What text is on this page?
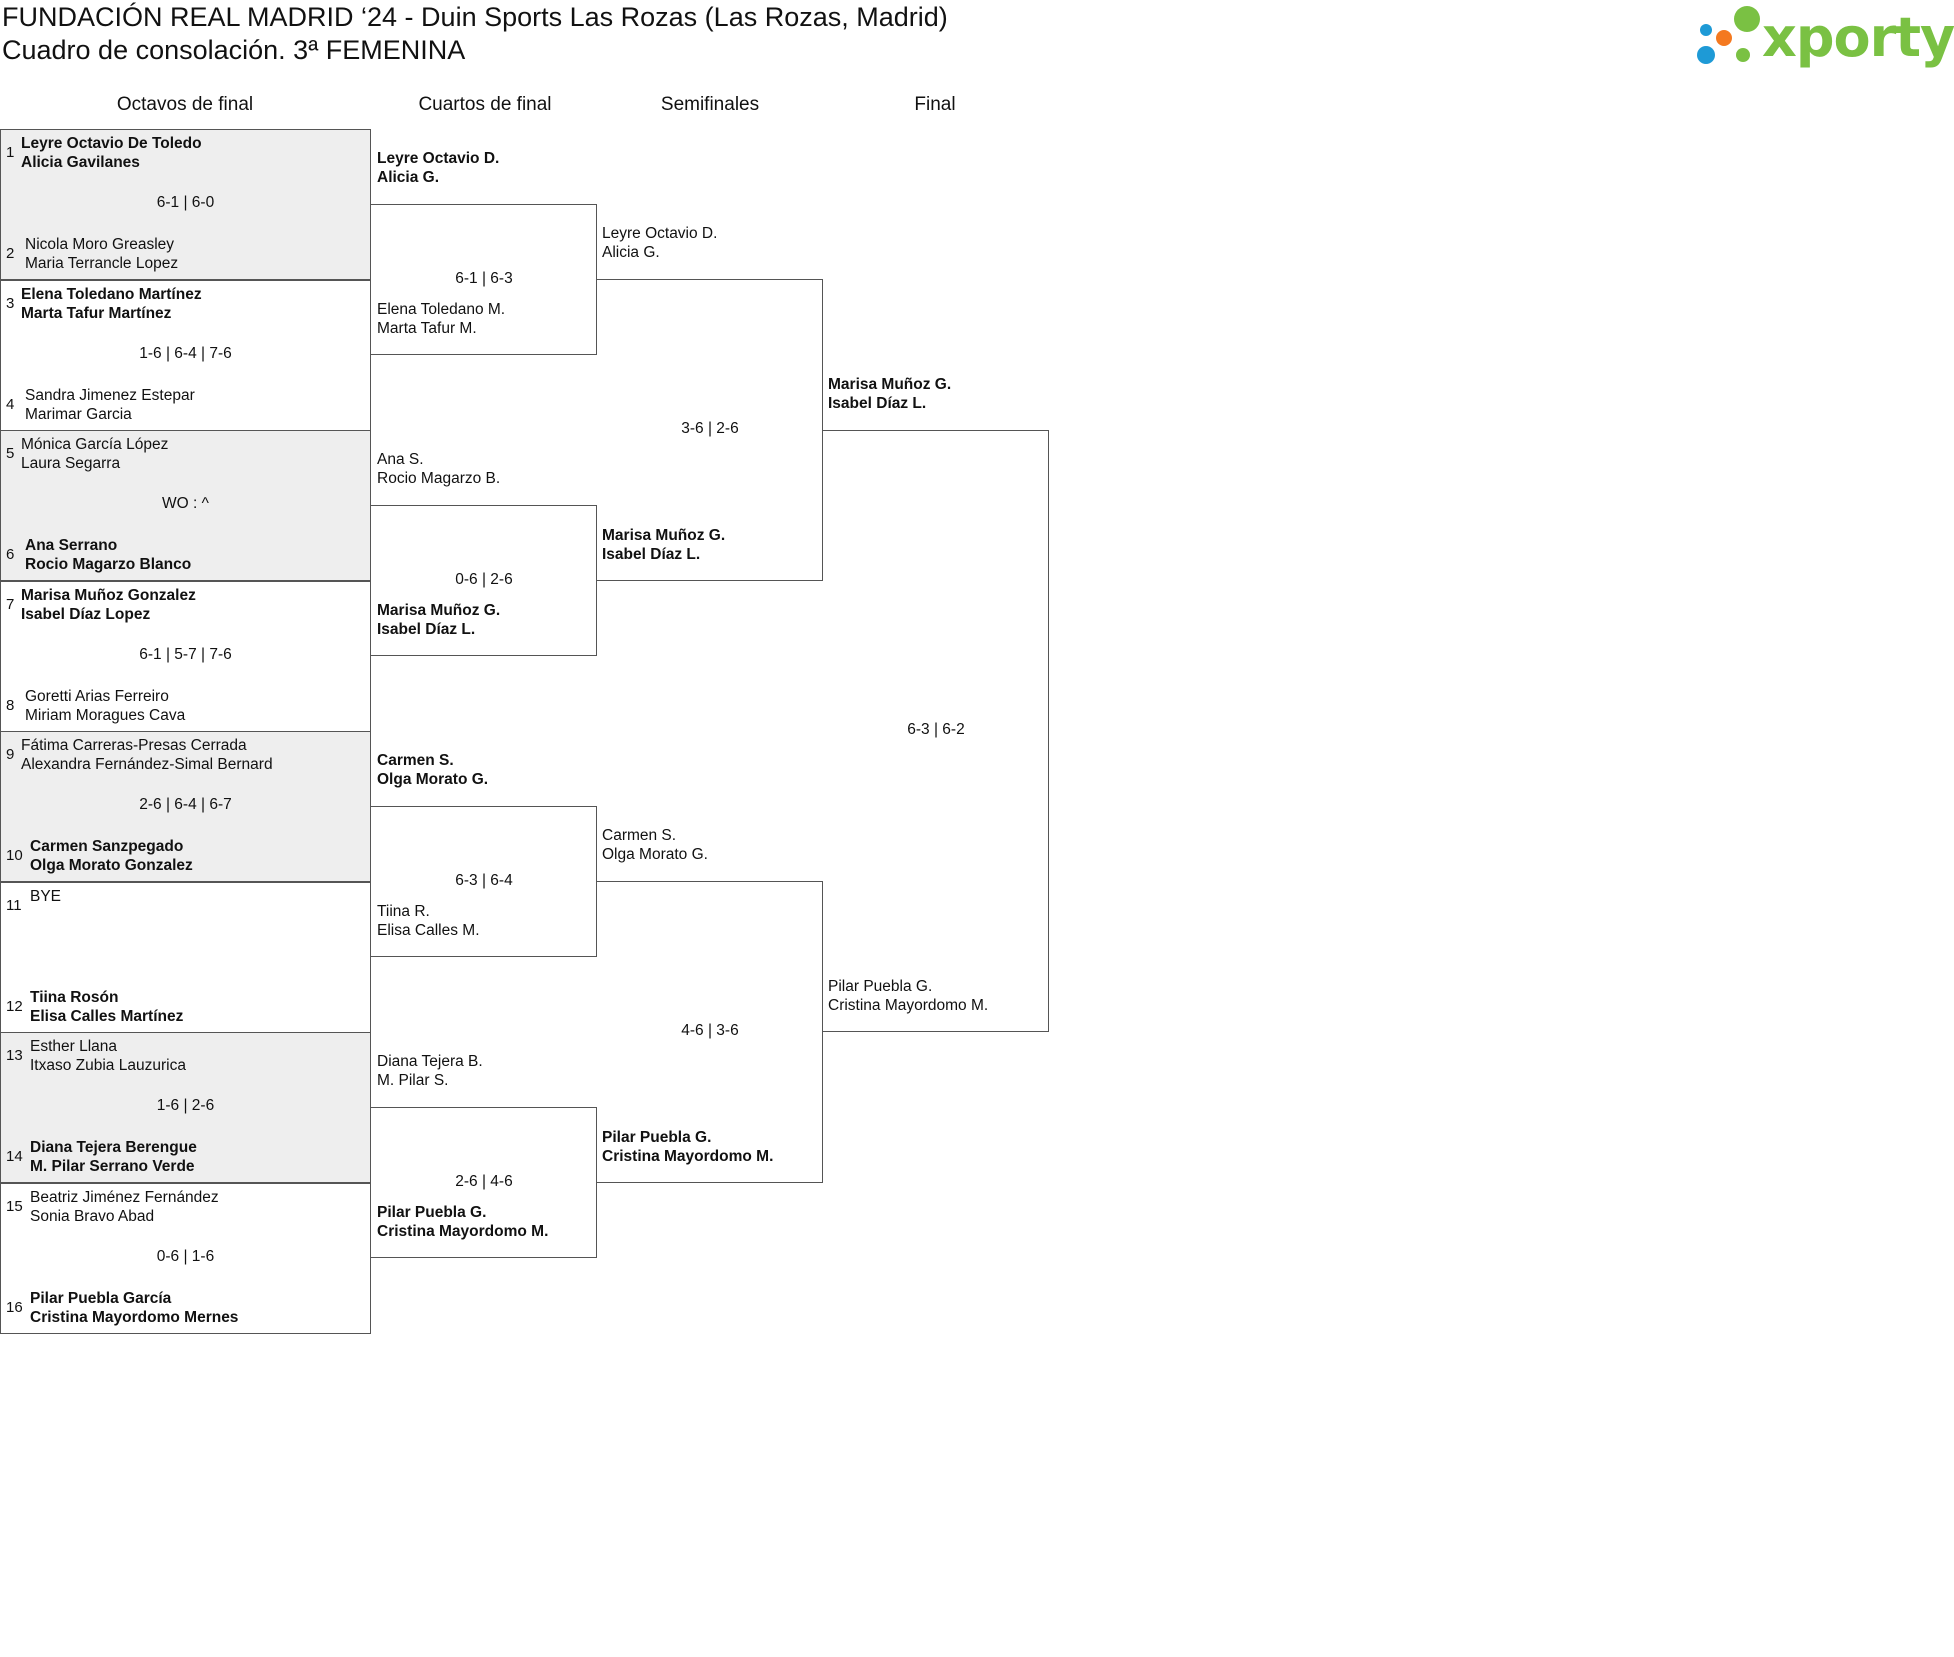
FUNDACIÓN REAL MADRID ‘24 - Duin Sports Las Rozas (Las Rozas, Madrid)
Cuadro de consolación. 3ª FEMENINA	xporty
Octavos de final	Cuartos de final	Semifinales	Final
1
Leyre Octavio De Toledo
Alicia Gavilanes
6-1 | 6-0
2
Nicola Moro Greasley
Maria Terrancle Lopez
3
Elena Toledano Martínez
Marta Tafur Martínez
1-6 | 6-4 | 7-6
4
Sandra Jimenez Estepar
Marimar Garcia
5
Mónica García López
Laura Segarra
WO : ^
6
Ana Serrano
Rocio Magarzo Blanco
7
Marisa Muñoz Gonzalez
Isabel Díaz Lopez
6-1 | 5-7 | 7-6
8
Goretti Arias Ferreiro
Miriam Moragues Cava
9
Fátima Carreras-Presas Cerrada
Alexandra Fernández-Simal Bernard
2-6 | 6-4 | 6-7
10
Carmen Sanzpegado
Olga Morato Gonzalez
11
BYE
12
Tiina Rosón
Elisa Calles Martínez
13
Esther Llana
Itxaso Zubia Lauzurica
1-6 | 2-6
14
Diana Tejera Berengue
M. Pilar Serrano Verde
15
Beatriz Jiménez Fernández
Sonia Bravo Abad
0-6 | 1-6
16
Pilar Puebla García
Cristina Mayordomo Mernes
Leyre Octavio D.
Alicia G.
6-1 | 6-3
Elena Toledano M.
Marta Tafur M.
Ana S.
Rocio Magarzo B.
0-6 | 2-6
Marisa Muñoz G.
Isabel Díaz L.
Carmen S.
Olga Morato G.
6-3 | 6-4
Tiina R.
Elisa Calles M.
Diana Tejera B.
M. Pilar S.
2-6 | 4-6
Pilar Puebla G.
Cristina Mayordomo M.
Leyre Octavio D.
Alicia G.
3-6 | 2-6
Marisa Muñoz G.
Isabel Díaz L.
Carmen S.
Olga Morato G.
4-6 | 3-6
Pilar Puebla G.
Cristina Mayordomo M.
Marisa Muñoz G.
Isabel Díaz L.
6-3 | 6-2
Pilar Puebla G.
Cristina Mayordomo M.
